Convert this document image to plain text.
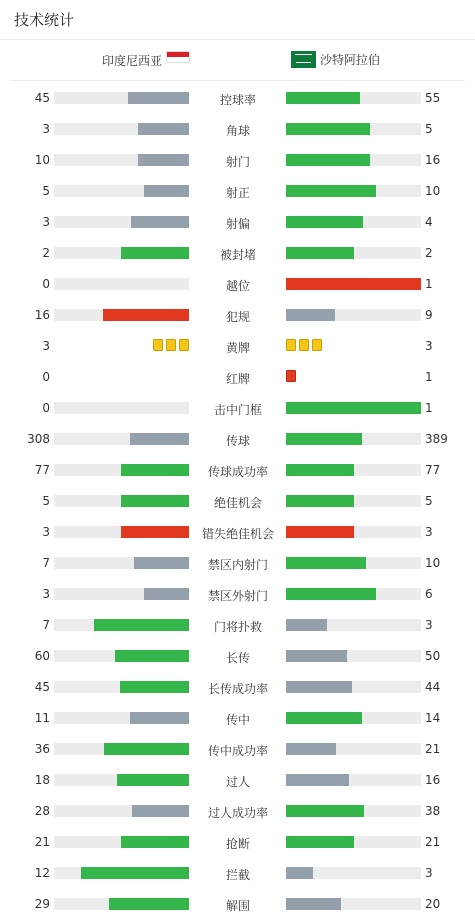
技术统计
印度尼西亚	沙特阿拉伯
45	控球率	55
3	角球	5
10	射门	16
5	射正	10
3	射偏	4
2	被封堵	2
0	越位	1
16	犯规	9
3	黄牌	3
0	红牌	1
0	击中门框	1
308	传球	389
77	传球成功率	77
5	绝佳机会	5
3	错失绝佳机会	3
7	禁区内射门	10
3	禁区外射门	6
7	门将扑救	3
60	长传	50
45	长传成功率	44
11	传中	14
36	传中成功率	21
18	过人	16
28	过人成功率	38
21	抢断	21
12	拦截	3
29	解围	20
